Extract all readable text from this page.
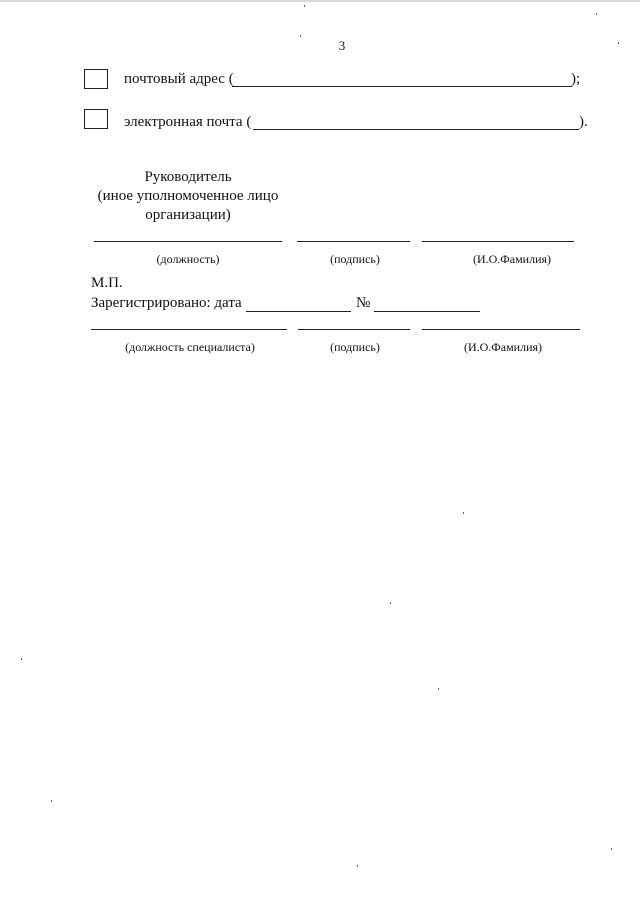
3
почтовый адрес (	);
электронная почта (	).
Руководитель
(иное уполномоченное лицо
организации)
(должность)	(подпись)	(И.О.Фамилия)
М.П.
Зарегистрировано: дата	№
(должность специалиста)	(подпись)	(И.О.Фамилия)
